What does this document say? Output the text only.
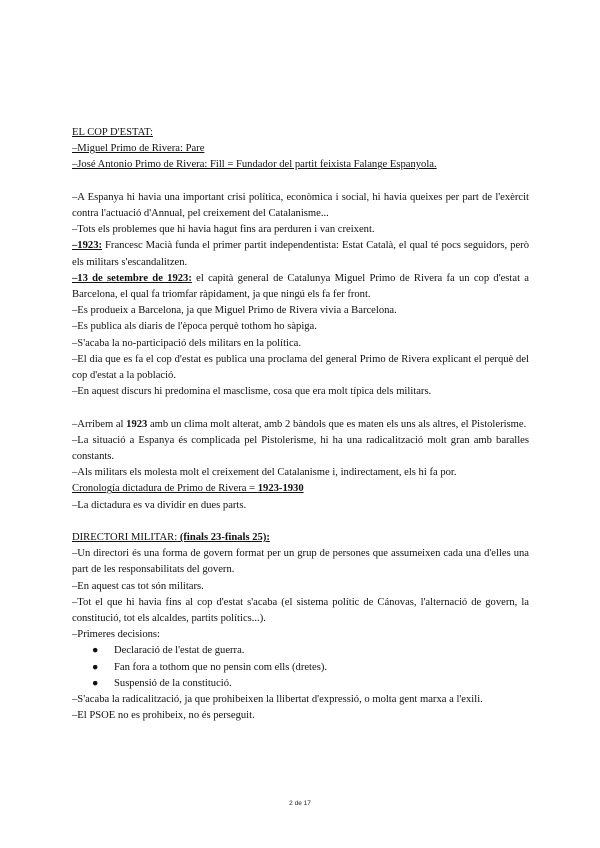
EL COP D'ESTAT:
–Miguel Primo de Rivera: Pare
–José Antonio Primo de Rivera: Fill = Fundador del partit feixista Falange Espanyola.
–A Espanya hi havia una important crisi política, econòmica i social, hi havia queixes per part de l'exèrcit contra l'actuació d'Annual, pel creixement del Catalanisme...
–Tots els problemes que hi havia hagut fins ara perduren i van creixent.
–1923: Francesc Macià funda el primer partit independentista: Estat Català, el qual té pocs seguidors, però els militars s'escandalitzen.
–13 de setembre de 1923: el capità general de Catalunya Miguel Primo de Rivera fa un cop d'estat a Barcelona, el qual fa triomfar ràpidament, ja que ningú els fa fer front.
–Es produeix a Barcelona, ja que Miguel Primo de Rivera vivia a Barcelona.
–Es publica als diaris de l'època perquè tothom ho sàpiga.
–S'acaba la no-participació dels militars en la política.
–El dia que es fa el cop d'estat es publica una proclama del general Primo de Rivera explicant el perquè del cop d'estat a la població.
–En aquest discurs hi predomina el masclisme, cosa que era molt típica dels militars.
–Arribem al 1923 amb un clima molt alterat, amb 2 bàndols que es maten els uns als altres, el Pistolerisme.
–La situació a Espanya és complicada pel Pistolerisme, hi ha una radicalització molt gran amb baralles constants.
–Als militars els molesta molt el creixement del Catalanisme i, indirectament, els hi fa por.
Cronología dictadura de Primo de Rivera = 1923-1930
–La dictadura es va dividir en dues parts.
DIRECTORI MILITAR: (finals 23-finals 25):
–Un directori és una forma de govern format per un grup de persones que assumeixen cada una d'elles una part de les responsabilitats del govern.
–En aquest cas tot són militars.
–Tot el que hi havia fins al cop d'estat s'acaba (el sistema polític de Cánovas, l'alternació de govern, la constitució, tot els alcaldes, partits polítics...).
–Primeres decisions:
● Declaració de l'estat de guerra.
● Fan fora a tothom que no pensin com ells (dretes).
● Suspensió de la constitució.
–S'acaba la radicalització, ja que prohibeixen la llibertat d'expressió, o molta gent marxa a l'exili.
–El PSOE no es prohibeix, no és perseguit.
2 de 17
